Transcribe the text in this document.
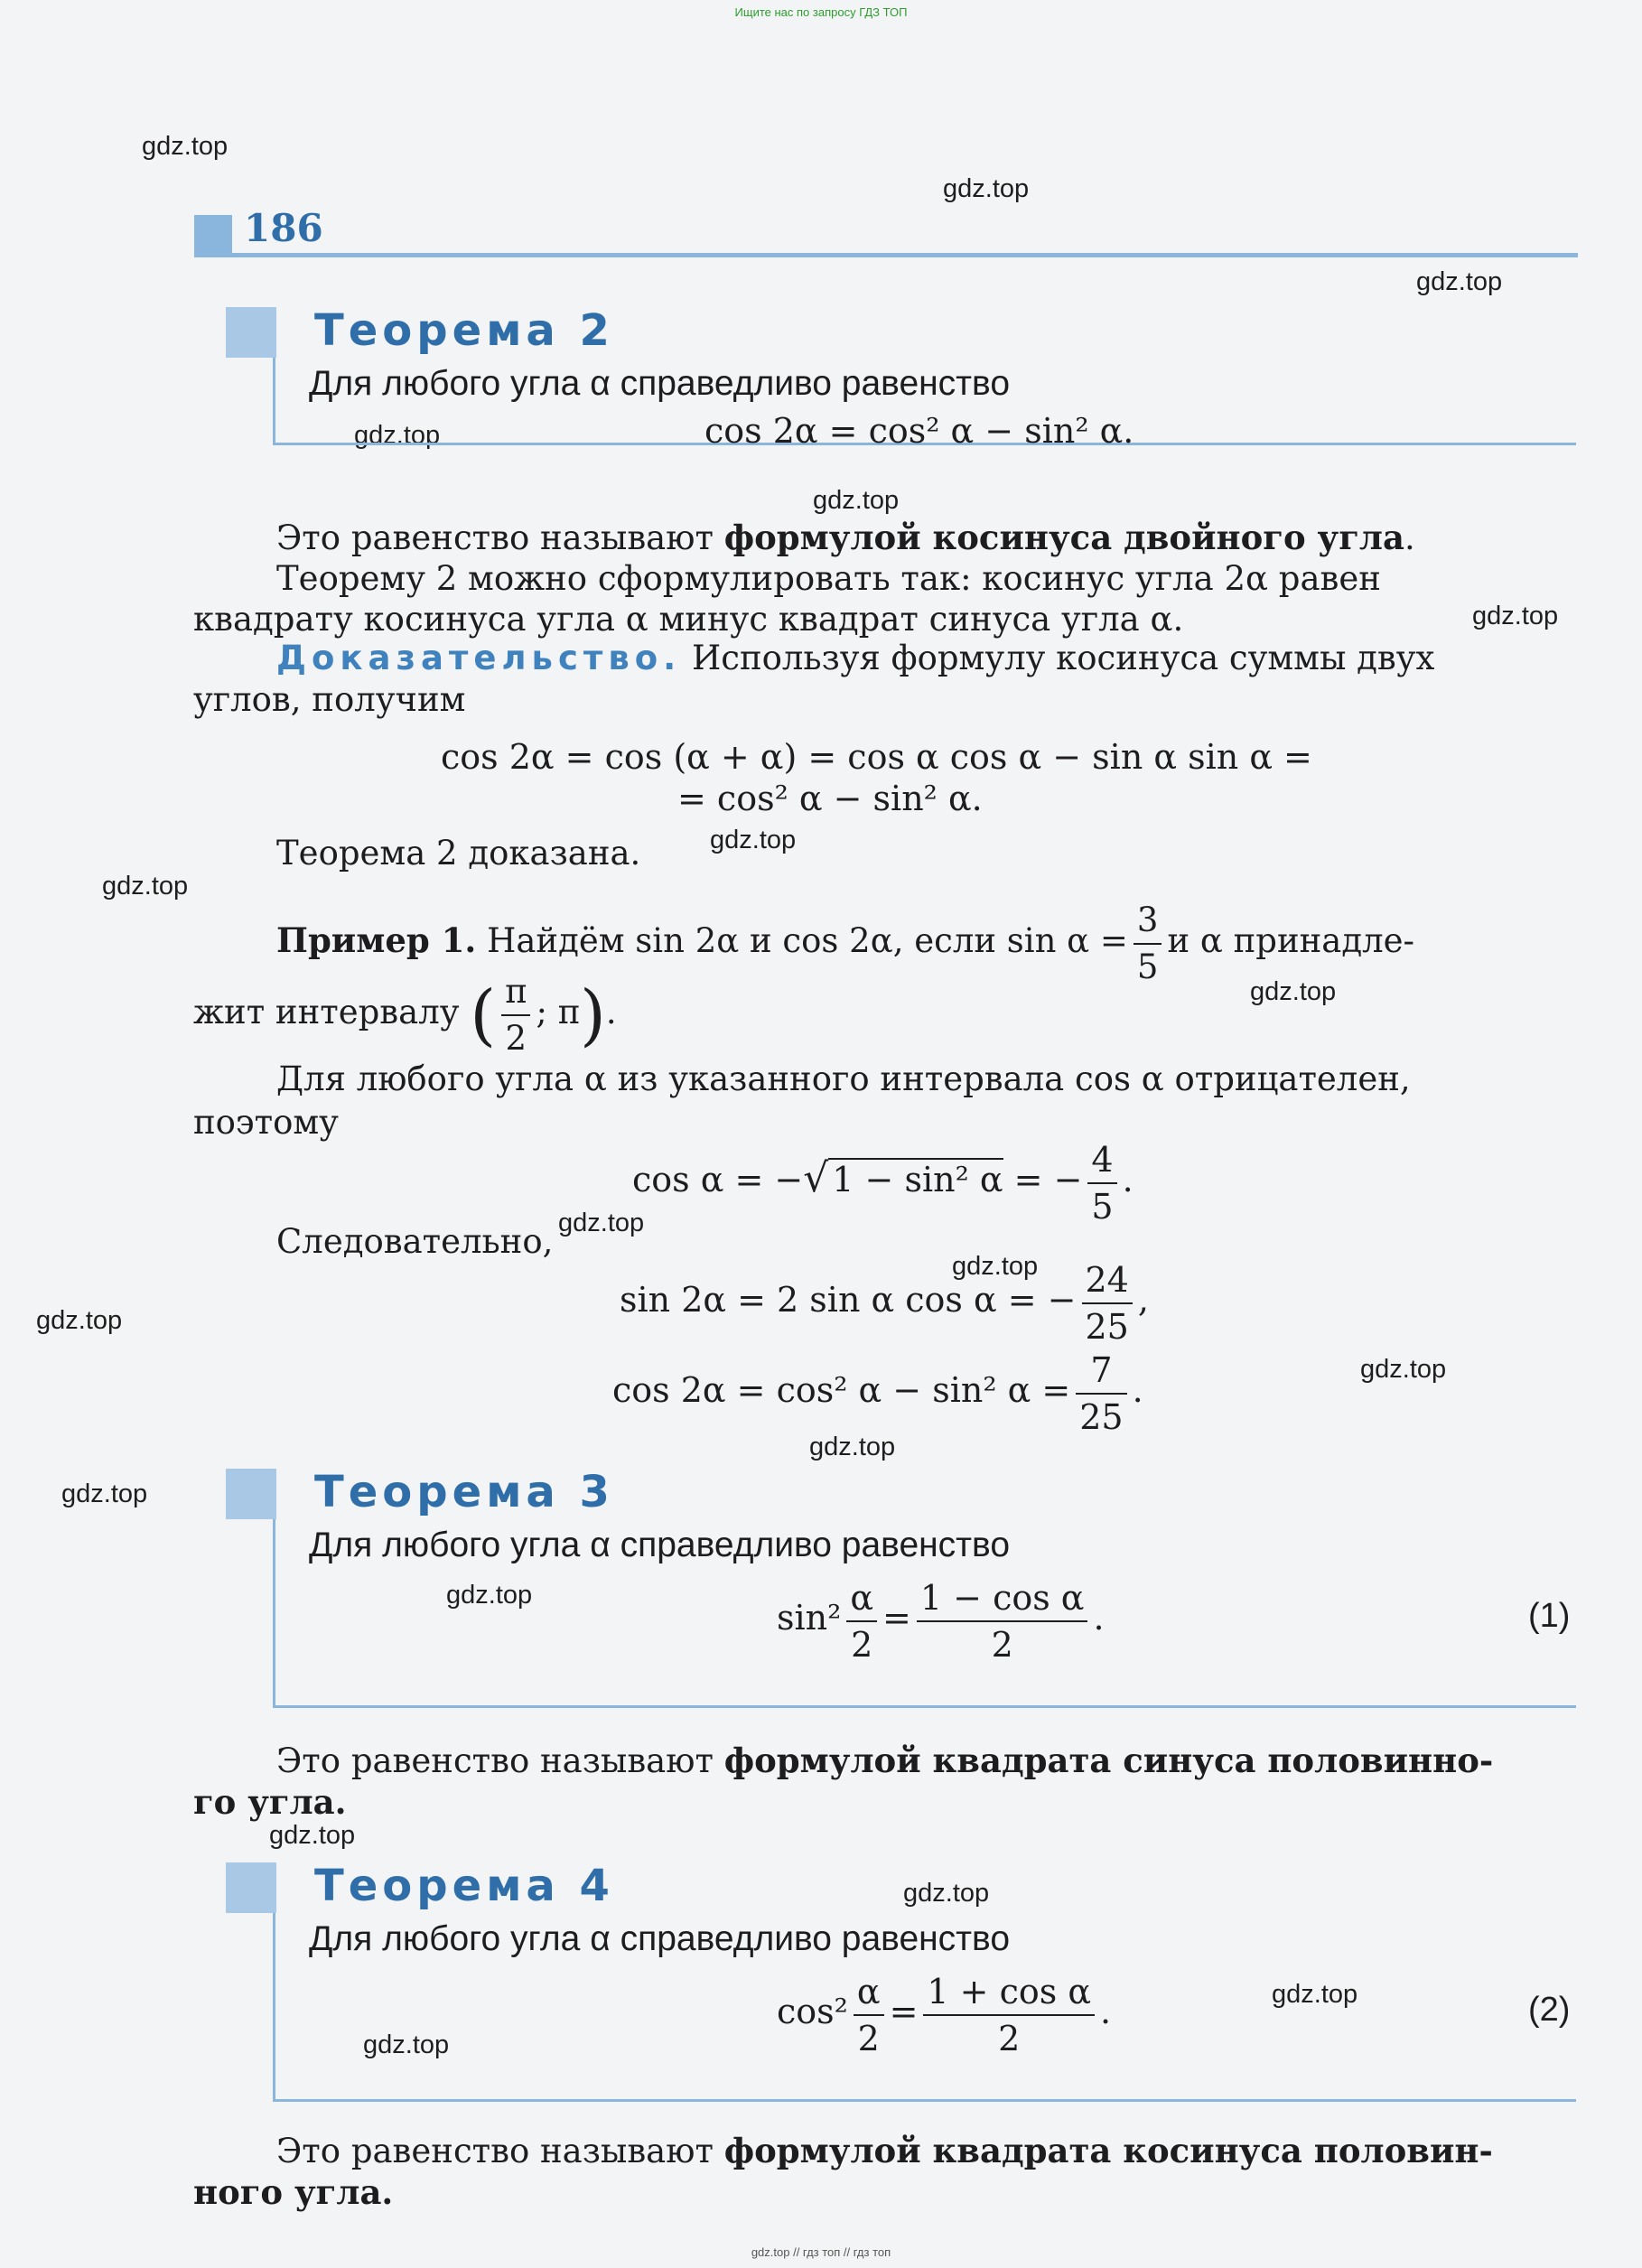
Ищите нас по запросу ГДЗ ТОП
gdz.top
gdz.top
gdz.top
gdz.top
gdz.top
gdz.top
gdz.top
gdz.top
gdz.top
gdz.top
gdz.top
gdz.top
gdz.top
gdz.top
gdz.top
gdz.top
gdz.top
gdz.top
gdz.top
gdz.top
186
Теорема 2
Для любого угла α справедливо равенство
cos 2α = cos² α − sin² α.
Это равенство называют формулой косинуса двойного угла.
Теорему 2 можно сформулировать так: косинус угла 2α равен
квадрату косинуса угла α минус квадрат синуса угла α.
Доказательство. Используя формулу косинуса суммы двух
углов, получим
cos 2α = cos (α + α) = cos α cos α − sin α sin α =
= cos² α − sin² α.
Теорема 2 доказана.
Пример 1. Найдём sin 2α и cos 2α, если $\sin \alpha = \frac{3}{5}$ и α принадле-
жит интервалу ( $\frac{\pi}{2}$ ; π).
Для любого угла α из указанного интервала cos α отрицателен,
поэтому
cos α = −√ 1 − sin² α = − $\frac{4}{5}$ .
Следовательно,
sin 2α = 2 sin α cos α = − $\frac{24}{25}$ ,
cos 2α = cos² α − sin² $\alpha = \frac{7}{25}$ .
Теорема 3
Для любого угла α справедливо равенство
$\sin^2 \frac{\alpha}{2} = \frac{\text{1 − cos α}}{2}$ .	(1)
Это равенство называют формулой квадрата синуса половинно-
го угла.
Теорема 4
Для любого угла α справедливо равенство
$\cos^2 \frac{\alpha}{2} = \frac{\text{1 + cos α}}{2}$ .	(2)
Это равенство называют формулой квадрата косинуса половин-
ного угла.
gdz.top // гдз топ // гдз топ
